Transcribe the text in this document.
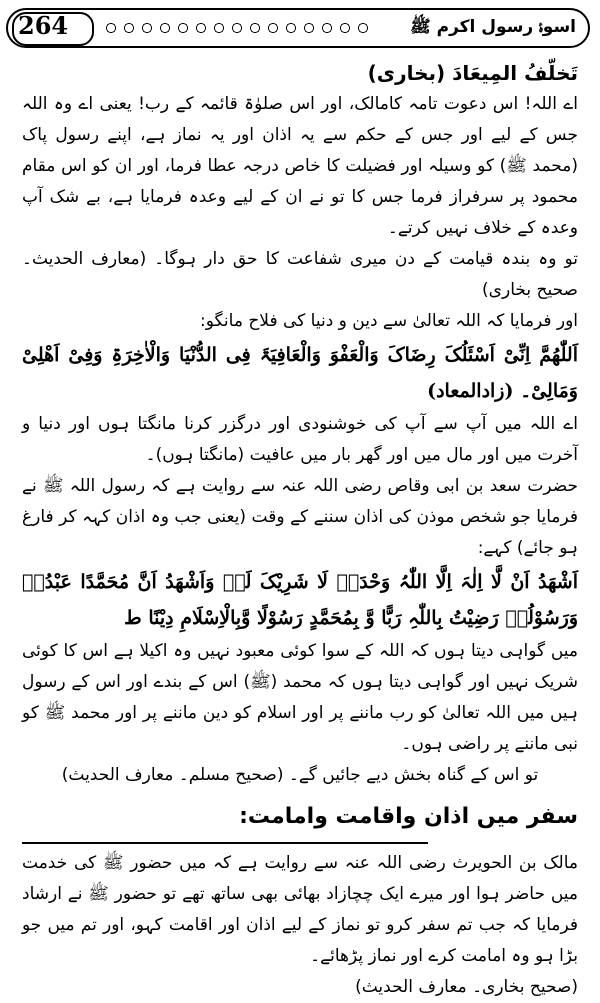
264	اسوۂ رسول اکرم ﷺ

تَخلّفُ المِیعَادَ (بخاری)

اے اللہ! اس دعوت تامہ کامالک، اور اس صلوٰۃ قائمہ کے رب! یعنی اے وہ اللہ جس کے لیے اور جس کے حکم سے یہ اذان اور یہ نماز ہے، اپنے رسول پاک (محمد ﷺ) کو وسیلہ اور فضیلت کا خاص درجہ عطا فرما، اور ان کو اس مقام محمود پر سرفراز فرما جس کا تو نے ان کے لیے وعدہ فرمایا ہے، بے شک آپ وعدہ کے خلاف نہیں کرتے۔

تو وہ بندہ قیامت کے دن میری شفاعت کا حق دار ہوگا۔ (معارف الحدیث۔ صحیح بخاری)

اور فرمایا کہ اللہ تعالیٰ سے دین و دنیا کی فلاح مانگو:

اَللّٰھُمَّ اِنِّیْ اَسْئَلُکَ رِضَاکَ وَالْعَفْوَ وَالْعَافِیَۃَ فِی الدُّنْیَا وَالْاٰخِرَۃِ وَفِیْ اَھْلِیْ وَمَالِیْ۔ (زادالمعاد)

اے اللہ میں آپ سے آپ کی خوشنودی اور درگزر کرنا مانگتا ہوں اور دنیا و آخرت میں اور مال میں اور گھر بار میں عافیت (مانگتا ہوں)۔

حضرت سعد بن ابی وقاص رضی اللہ عنہ سے روایت ہے کہ رسول اللہ ﷺ نے فرمایا جو شخص موذن کی اذان سننے کے وقت (یعنی جب وہ اذان کہہ کر فارغ ہو جائے) کہے:

اَشْھَدُ اَنْ لَّا اِلٰہَ اِلَّا اللّٰہُ وَحْدَہٗ لَا شَرِیْکَ لَہٗ وَاَشْھَدُ اَنَّ مُحَمَّدًا عَبْدُہٗ وَرَسُوْلُہٗ رَضِیْتُ بِاللّٰہِ رَبًّا وَّ بِمُحَمَّدٍ رَسُوْلًا وَّبِالْاِسْلَامِ دِیْنًا ط

میں گواہی دیتا ہوں کہ اللہ کے سوا کوئی معبود نہیں وہ اکیلا ہے اس کا کوئی شریک نہیں اور گواہی دیتا ہوں کہ محمد (ﷺ) اس کے بندے اور اس کے رسول ہیں میں اللہ تعالیٰ کو رب ماننے پر اور اسلام کو دین ماننے پر اور محمد ﷺ کو نبی ماننے پر راضی ہوں۔

تو اس کے گناہ بخش دیے جائیں گے۔ (صحیح مسلم۔ معارف الحدیث)

سفر میں اذان واقامت وامامت:

مالک بن الحویرث رضی اللہ عنہ سے روایت ہے کہ میں حضور ﷺ کی خدمت میں حاضر ہوا اور میرے ایک چچازاد بھائی بھی ساتھ تھے تو حضور ﷺ نے ارشاد فرمایا کہ جب تم سفر کرو تو نماز کے لیے اذان اور اقامت کہو، اور تم میں جو بڑا ہو وہ امامت کرے اور نماز پڑھائے۔

(صحیح بخاری۔ معارف الحدیث)
